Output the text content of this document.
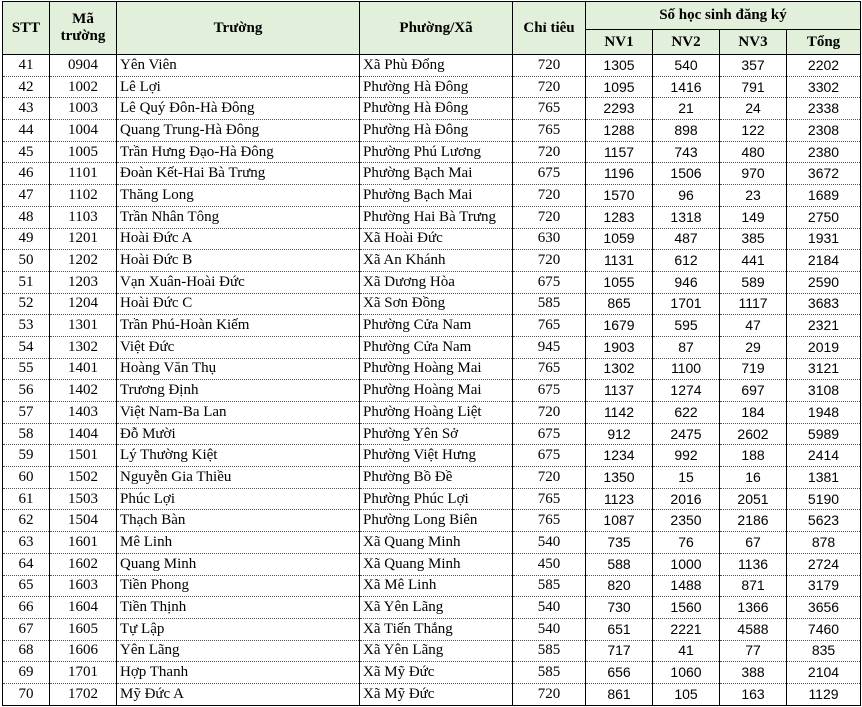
STT	Mã trường	Trường	Phường/Xã	Chỉ tiêu	Số học sinh đăng ký			
					NV1	NV2	NV3	Tổng
41	0904	Yên Viên	Xã Phù Đổng	720	1305	540	357	2202
42	1002	Lê Lợi	Phường Hà Đông	720	1095	1416	791	3302
43	1003	Lê Quý Đôn-Hà Đông	Phường Hà Đông	765	2293	21	24	2338
44	1004	Quang Trung-Hà Đông	Phường Hà Đông	765	1288	898	122	2308
45	1005	Trần Hưng Đạo-Hà Đông	Phường Phú Lương	720	1157	743	480	2380
46	1101	Đoàn Kết-Hai Bà Trưng	Phường Bạch Mai	675	1196	1506	970	3672
47	1102	Thăng Long	Phường Bạch Mai	720	1570	96	23	1689
48	1103	Trần Nhân Tông	Phường Hai Bà Trưng	720	1283	1318	149	2750
49	1201	Hoài Đức A	Xã Hoài Đức	630	1059	487	385	1931
50	1202	Hoài Đức B	Xã An Khánh	720	1131	612	441	2184
51	1203	Vạn Xuân-Hoài Đức	Xã Dương Hòa	675	1055	946	589	2590
52	1204	Hoài Đức C	Xã Sơn Đồng	585	865	1701	1117	3683
53	1301	Trần Phú-Hoàn Kiếm	Phường Cửa Nam	765	1679	595	47	2321
54	1302	Việt Đức	Phường Cửa Nam	945	1903	87	29	2019
55	1401	Hoàng Văn Thụ	Phường Hoàng Mai	765	1302	1100	719	3121
56	1402	Trương Định	Phường Hoàng Mai	675	1137	1274	697	3108
57	1403	Việt Nam-Ba Lan	Phường Hoàng Liệt	720	1142	622	184	1948
58	1404	Đỗ Mười	Phường Yên Sở	675	912	2475	2602	5989
59	1501	Lý Thường Kiệt	Phường Việt Hưng	675	1234	992	188	2414
60	1502	Nguyễn Gia Thiều	Phường Bồ Đề	720	1350	15	16	1381
61	1503	Phúc Lợi	Phường Phúc Lợi	765	1123	2016	2051	5190
62	1504	Thạch Bàn	Phường Long Biên	765	1087	2350	2186	5623
63	1601	Mê Linh	Xã Quang Minh	540	735	76	67	878
64	1602	Quang Minh	Xã Quang Minh	450	588	1000	1136	2724
65	1603	Tiền Phong	Xã Mê Linh	585	820	1488	871	3179
66	1604	Tiền Thịnh	Xã Yên Lãng	540	730	1560	1366	3656
67	1605	Tự Lập	Xã Tiến Thắng	540	651	2221	4588	7460
68	1606	Yên Lãng	Xã Yên Lãng	585	717	41	77	835
69	1701	Hợp Thanh	Xã Mỹ Đức	585	656	1060	388	2104
70	1702	Mỹ Đức A	Xã Mỹ Đức	720	861	105	163	1129
